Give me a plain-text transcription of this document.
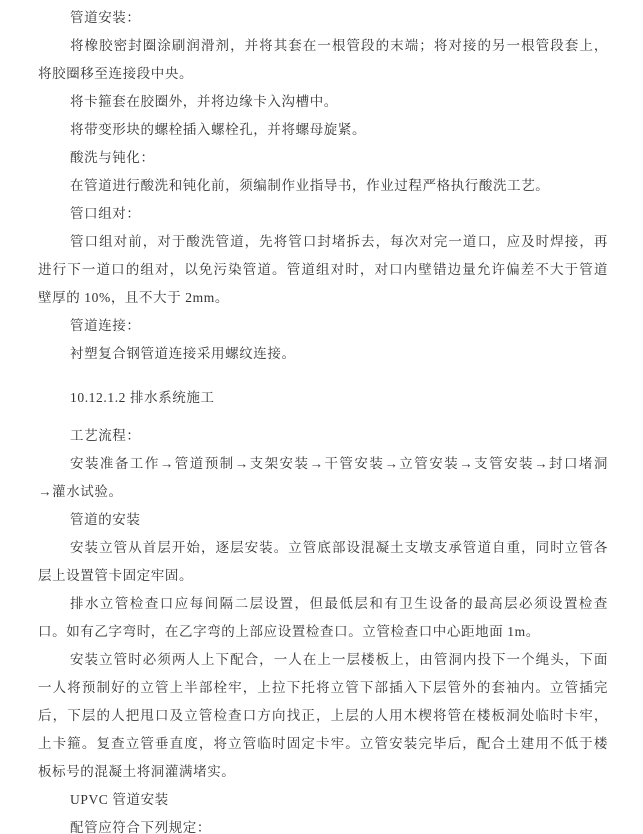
管道安装：
将橡胶密封圈涂刷润滑剂，并将其套在一根管段的末端；将对接的另一根管段套上，
将胶圈移至连接段中央。
将卡箍套在胶圈外，并将边缘卡入沟槽中。
将带变形块的螺栓插入螺栓孔，并将螺母旋紧。
酸洗与钝化：
在管道进行酸洗和钝化前，须编制作业指导书，作业过程严格执行酸洗工艺。
管口组对：
管口组对前，对于酸洗管道，先将管口封堵拆去，每次对完一道口，应及时焊接，再
进行下一道口的组对，以免污染管道。管道组对时，对口内壁错边量允许偏差不大于管道
壁厚的 10%，且不大于 2mm。
管道连接：
衬塑复合钢管道连接采用螺纹连接。
10.12.1.2 排水系统施工
工艺流程：
安装准备工作→管道预制→支架安装→干管安装→立管安装→支管安装→封口堵洞
→灌水试验。
管道的安装
安装立管从首层开始，逐层安装。立管底部设混凝土支墩支承管道自重，同时立管各
层上设置管卡固定牢固。
排水立管检查口应每间隔二层设置，但最低层和有卫生设备的最高层必须设置检查
口。如有乙字弯时，在乙字弯的上部应设置检查口。立管检查口中心距地面 1m。
安装立管时必须两人上下配合，一人在上一层楼板上，由管洞内投下一个绳头，下面
一人将预制好的立管上半部栓牢，上拉下托将立管下部插入下层管外的套袖内。立管插完
后，下层的人把甩口及立管检查口方向找正，上层的人用木楔将管在楼板洞处临时卡牢，
上卡箍。复查立管垂直度，将立管临时固定卡牢。立管安装完毕后，配合土建用不低于楼
板标号的混凝土将洞灌满堵实。
UPVC 管道安装
配管应符合下列规定：
